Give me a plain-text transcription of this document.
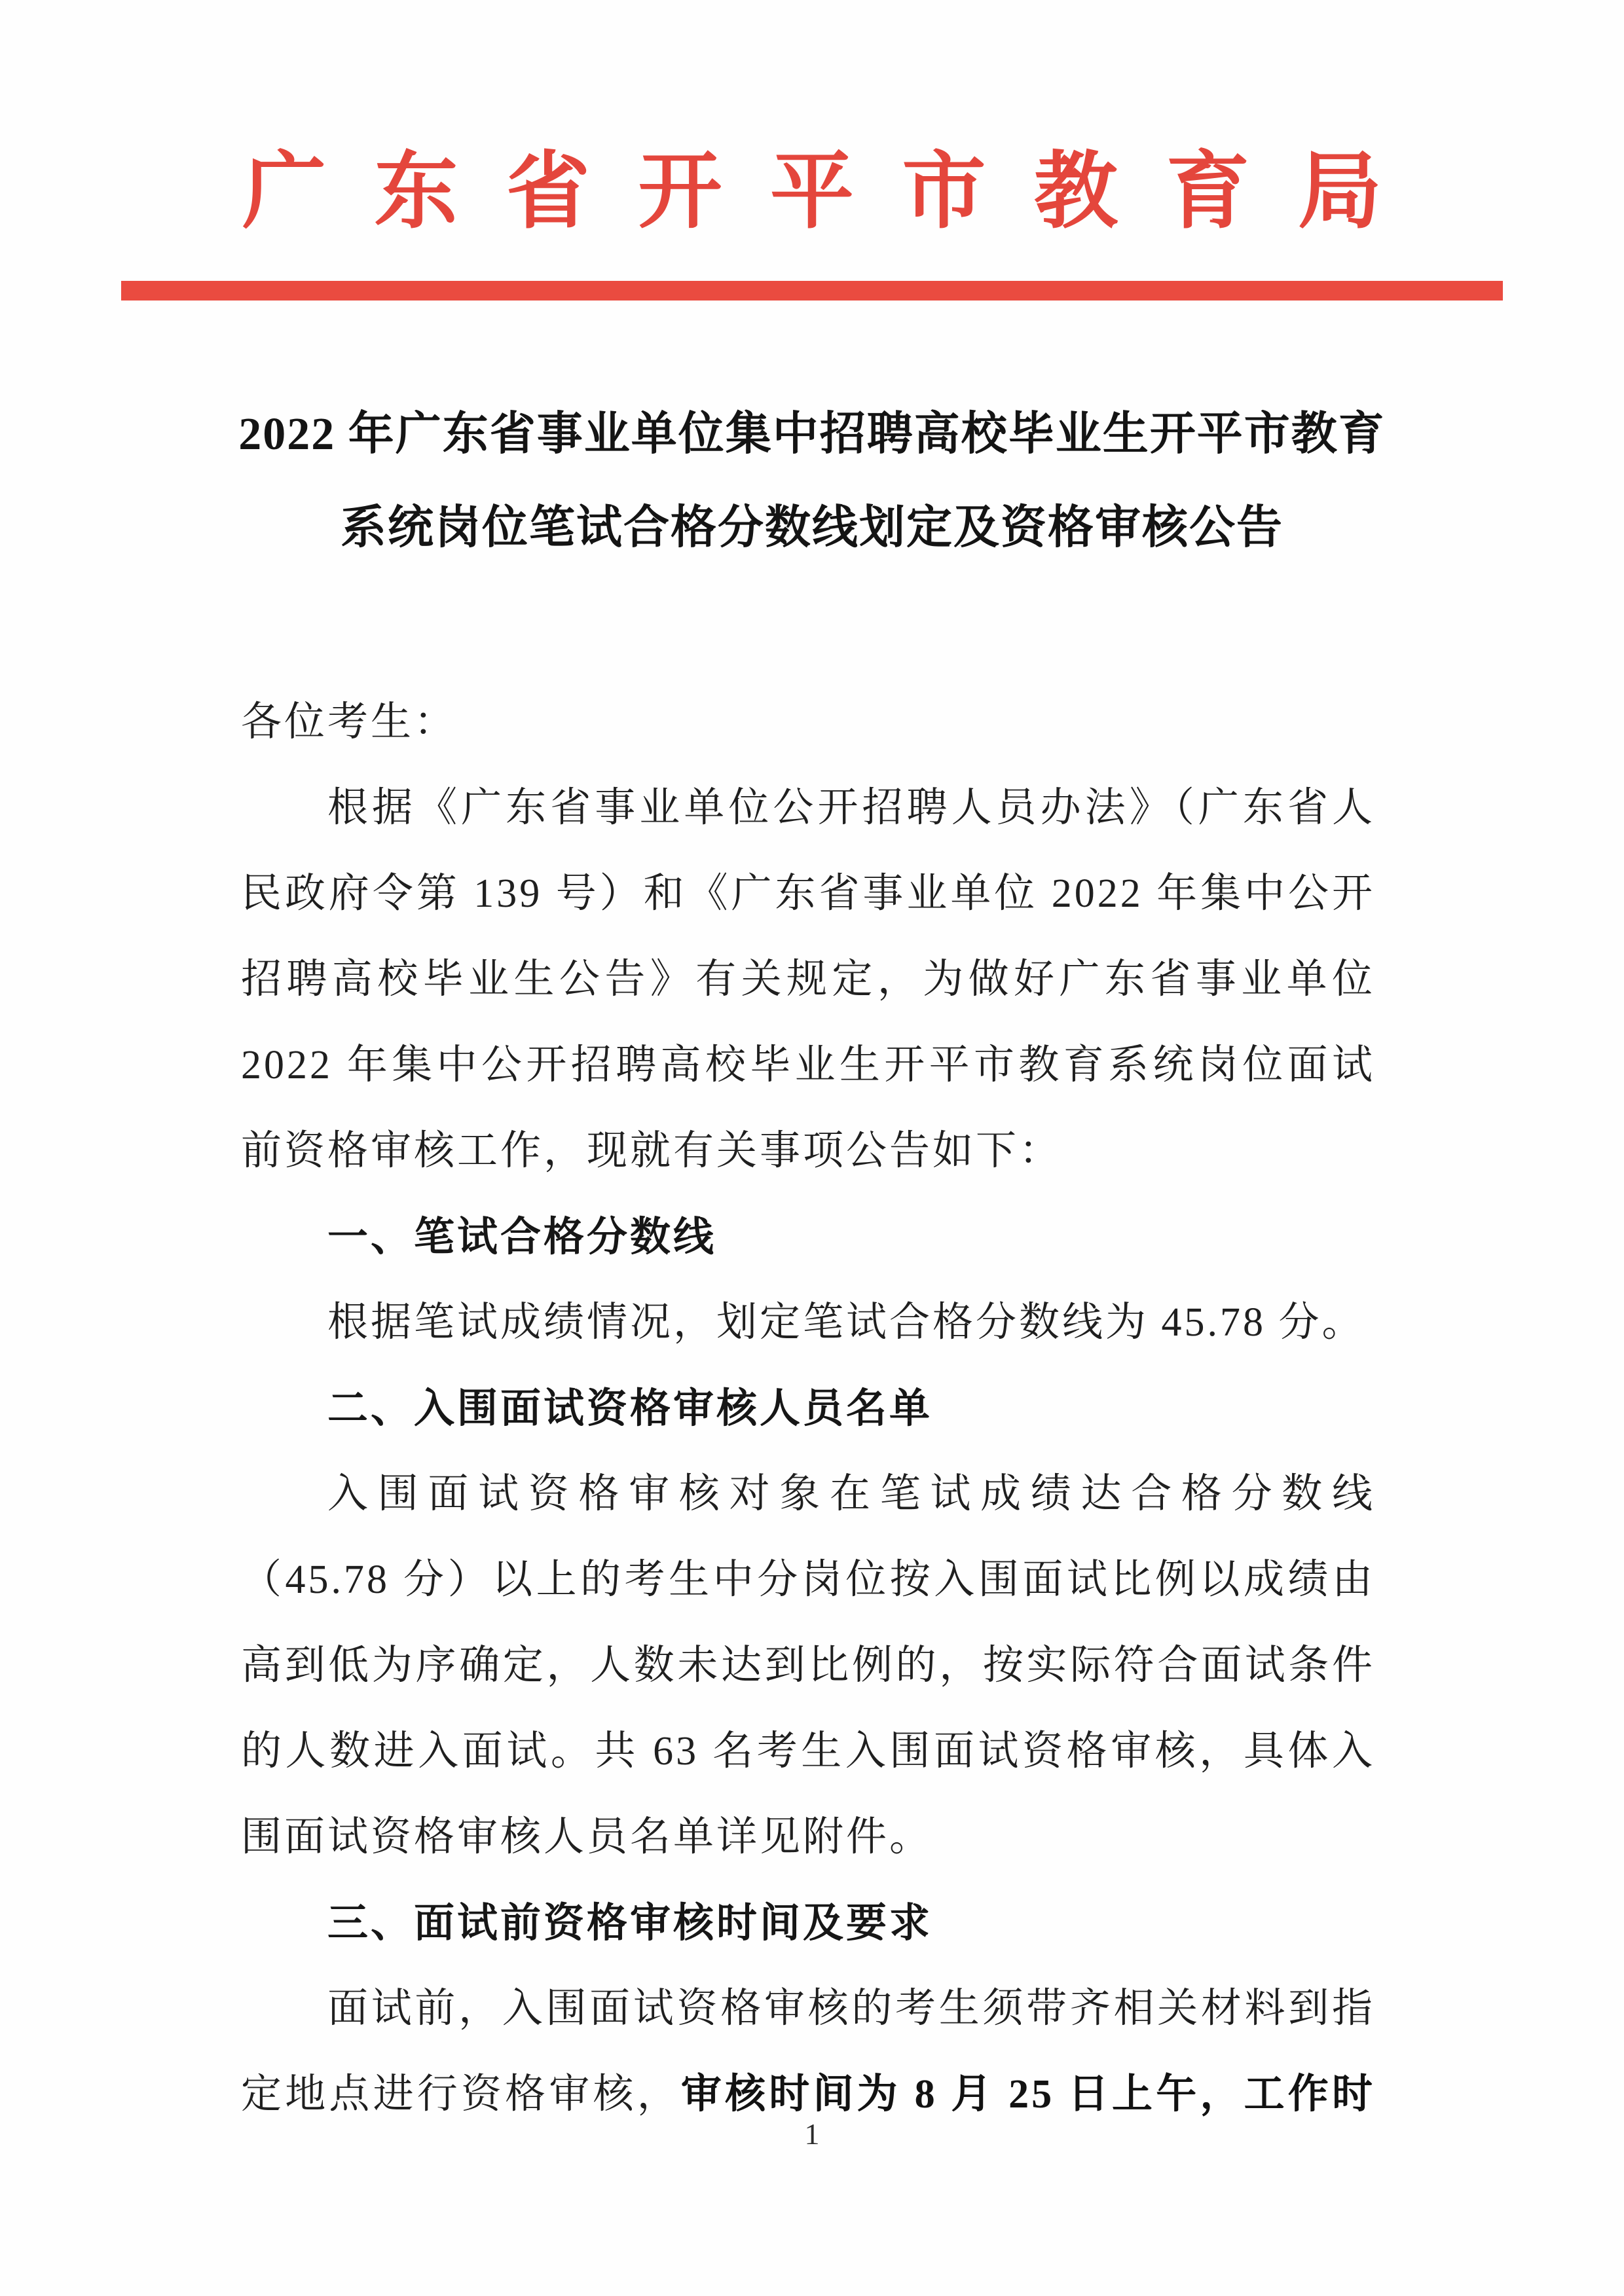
广东省开平市教育局
2022 年广东省事业单位集中招聘高校毕业生开平市教育
系统岗位笔试合格分数线划定及资格审核公告
各位考生：
根据《广东省事业单位公开招聘人员办法》（广东省人
民政府令第 139 号）和《广东省事业单位 2022 年集中公开
招聘高校毕业生公告》有关规定，为做好广东省事业单位
2022 年集中公开招聘高校毕业生开平市教育系统岗位面试
前资格审核工作，现就有关事项公告如下：
一、笔试合格分数线
根据笔试成绩情况，划定笔试合格分数线为 45.78 分。
二、入围面试资格审核人员名单
入围面试资格审核对象在笔试成绩达合格分数线
（45.78 分）以上的考生中分岗位按入围面试比例以成绩由
高到低为序确定，人数未达到比例的，按实际符合面试条件
的人数进入面试。共 63 名考生入围面试资格审核，具体入
围面试资格审核人员名单详见附件。
三、面试前资格审核时间及要求
面试前，入围面试资格审核的考生须带齐相关材料到指
定地点进行资格审核，审核时间为 8 月 25 日上午，工作时
1
